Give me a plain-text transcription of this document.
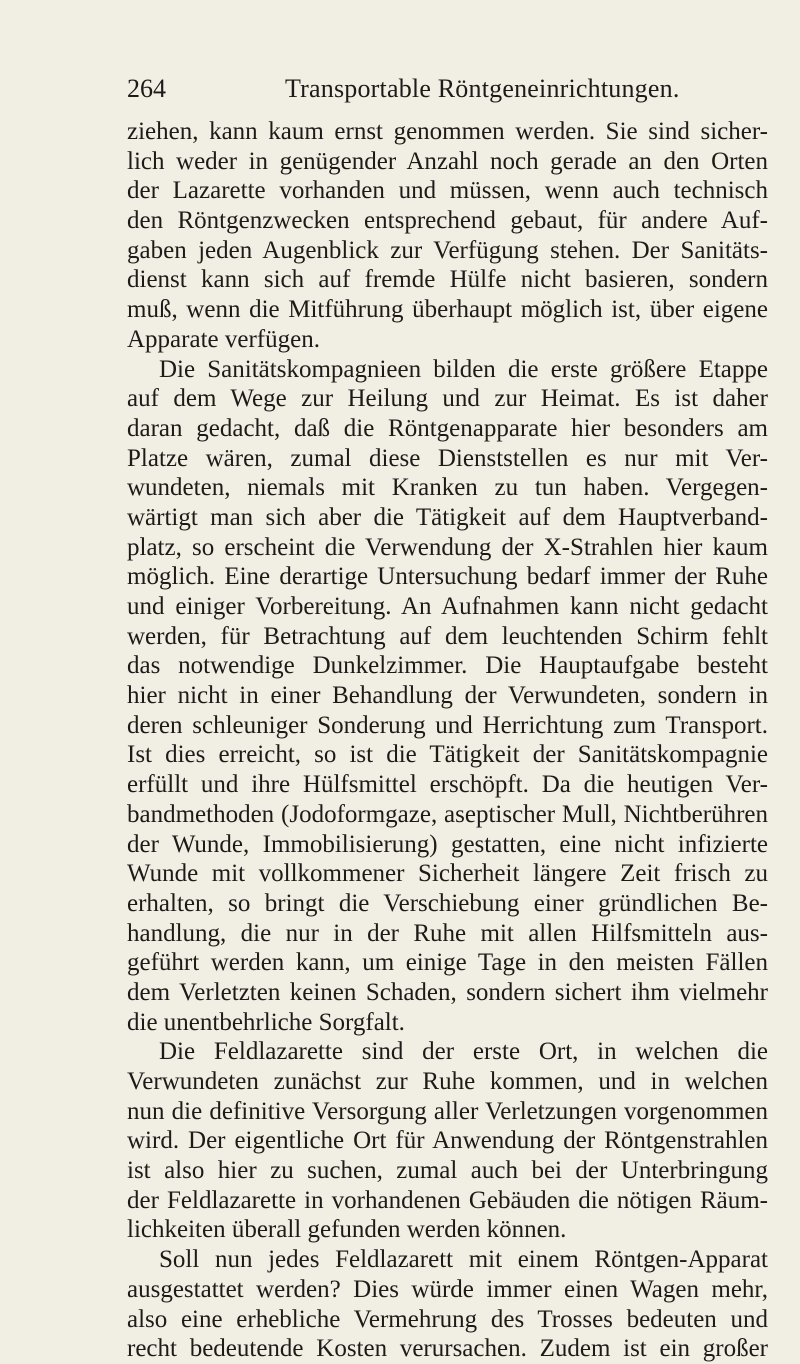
264	Transportable Röntgeneinrichtungen.
ziehen, kann kaum ernst genommen werden. Sie sind sicher-
lich weder in genügender Anzahl noch gerade an den Orten
der Lazarette vorhanden und müssen, wenn auch technisch
den Röntgenzwecken entsprechend gebaut, für andere Auf-
gaben jeden Augenblick zur Verfügung stehen. Der Sanitäts-
dienst kann sich auf fremde Hülfe nicht basieren, sondern
muß, wenn die Mitführung überhaupt möglich ist, über eigene
Apparate verfügen.
Die Sanitätskompagnieen bilden die erste größere Etappe
auf dem Wege zur Heilung und zur Heimat. Es ist daher
daran gedacht, daß die Röntgenapparate hier besonders am
Platze wären, zumal diese Dienststellen es nur mit Ver-
wundeten, niemals mit Kranken zu tun haben. Vergegen-
wärtigt man sich aber die Tätigkeit auf dem Hauptverband-
platz, so erscheint die Verwendung der X-Strahlen hier kaum
möglich. Eine derartige Untersuchung bedarf immer der Ruhe
und einiger Vorbereitung. An Aufnahmen kann nicht gedacht
werden, für Betrachtung auf dem leuchtenden Schirm fehlt
das notwendige Dunkelzimmer. Die Hauptaufgabe besteht
hier nicht in einer Behandlung der Verwundeten, sondern in
deren schleuniger Sonderung und Herrichtung zum Transport.
Ist dies erreicht, so ist die Tätigkeit der Sanitätskompagnie
erfüllt und ihre Hülfsmittel erschöpft. Da die heutigen Ver-
bandmethoden (Jodoformgaze, aseptischer Mull, Nichtberühren
der Wunde, Immobilisierung) gestatten, eine nicht infizierte
Wunde mit vollkommener Sicherheit längere Zeit frisch zu
erhalten, so bringt die Verschiebung einer gründlichen Be-
handlung, die nur in der Ruhe mit allen Hilfsmitteln aus-
geführt werden kann, um einige Tage in den meisten Fällen
dem Verletzten keinen Schaden, sondern sichert ihm vielmehr
die unentbehrliche Sorgfalt.
Die Feldlazarette sind der erste Ort, in welchen die
Verwundeten zunächst zur Ruhe kommen, und in welchen
nun die definitive Versorgung aller Verletzungen vorgenommen
wird. Der eigentliche Ort für Anwendung der Röntgenstrahlen
ist also hier zu suchen, zumal auch bei der Unterbringung
der Feldlazarette in vorhandenen Gebäuden die nötigen Räum-
lichkeiten überall gefunden werden können.
Soll nun jedes Feldlazarett mit einem Röntgen-Apparat
ausgestattet werden? Dies würde immer einen Wagen mehr,
also eine erhebliche Vermehrung des Trosses bedeuten und
recht bedeutende Kosten verursachen. Zudem ist ein großer
